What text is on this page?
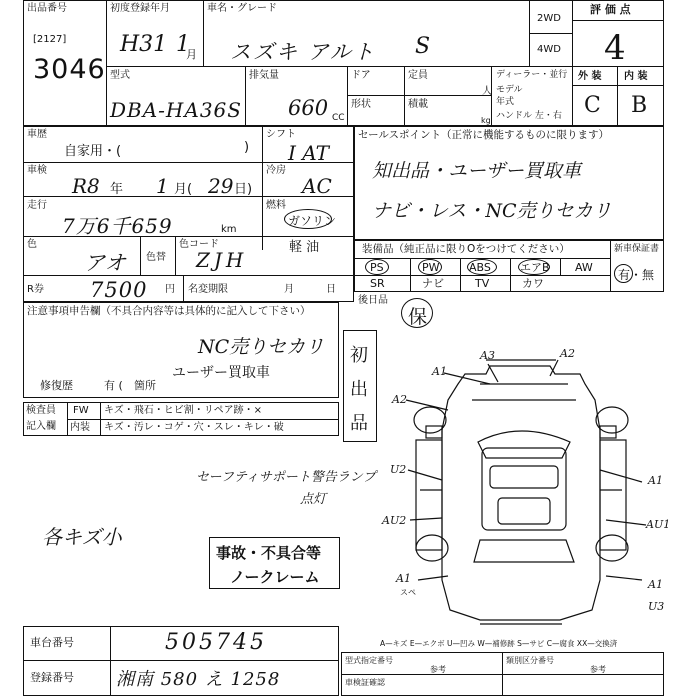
出品番号
[2127]
3046
初度登録年月
H31 1
月
車名・グレード
スズキ アルト S
2WD
4WD
評 価 点
4
外 装 内 装
C B
型式
DBA-HA36S
排気量
660 CC
ドア	定員
人
形状	積載
kg
ディーラー・並行
モデル
年式
ハンドル 左・右
車歴
自家用・(	)
シフト
I AT
車検
R8 年 1 月( 29 日)
冷房
AC
走行
7万6千659	km
燃料
ガソリン
軽 油
色
アオ 色替
色コード
ZJH
R券 7500 円 名変期限	月	日
セールスポイント（正常に機能するものに限ります）
知出品・ユーザー買取車
ナビ・レス・NC売りセカリ
装備品（純正品に限りOをつけてください）	新車保証書
有・無
PS	PW	ABS	エアB AW
SR	ナビ	TV	カワ
後日品
保
注意事項申告欄（不具合内容等は具体的に記入して下さい）
NC売りセカリ
ユーザー買取車
修復歴	有 ( 箇所
初
出
品
検査員
記入欄
FW キズ・飛石・ヒビ割・リペア跡・×
内装 キズ・汚レ・コゲ・穴・スレ・キレ・破
セーフティサポート警告ランプ
点灯
各キズ小
事故・不具合等
ノークレーム
A1
A3	A2
A2
U2
AU2
A1
スペ
A1
AU1
A1
U3
A—キズ E—エクボ U—凹み W—補修跡 S—サビ C—腐食 XX—交換済
車台番号	505745
登録番号 湘南 580 え 1258
型式指定番号
参考
類別区分番号
参考
車検証確認
